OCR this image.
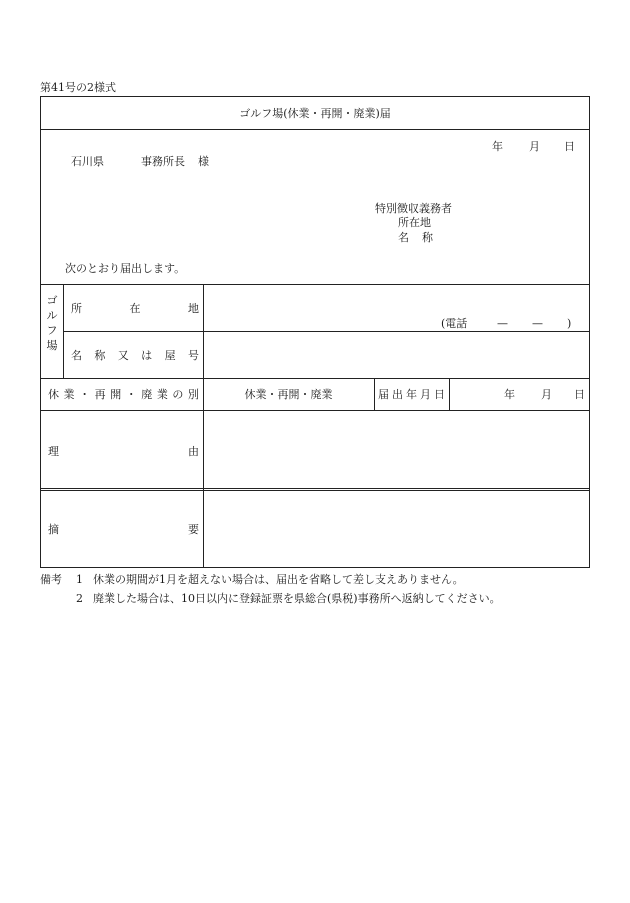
第41号の2様式
ゴルフ場(休業・再開・廃業)届
年 月 日
石川県	事務所長 様
特別徴収義務者
所在地
名 称
次のとおり届出します。
ゴ
ル
フ
場
所	在	地
(電話	— — )
名 称 又 は 屋 号
休 業 ・ 再 開 ・ 廃 業 の 別	休業・再開・廃業	届 出 年 月 日	年 月 日
理	由
摘	要
備考 1 休業の期間が1月を超えない場合は、届出を省略して差し支えありません。
2 廃業した場合は、10日以内に登録証票を県総合(県税)事務所へ返納してください。
